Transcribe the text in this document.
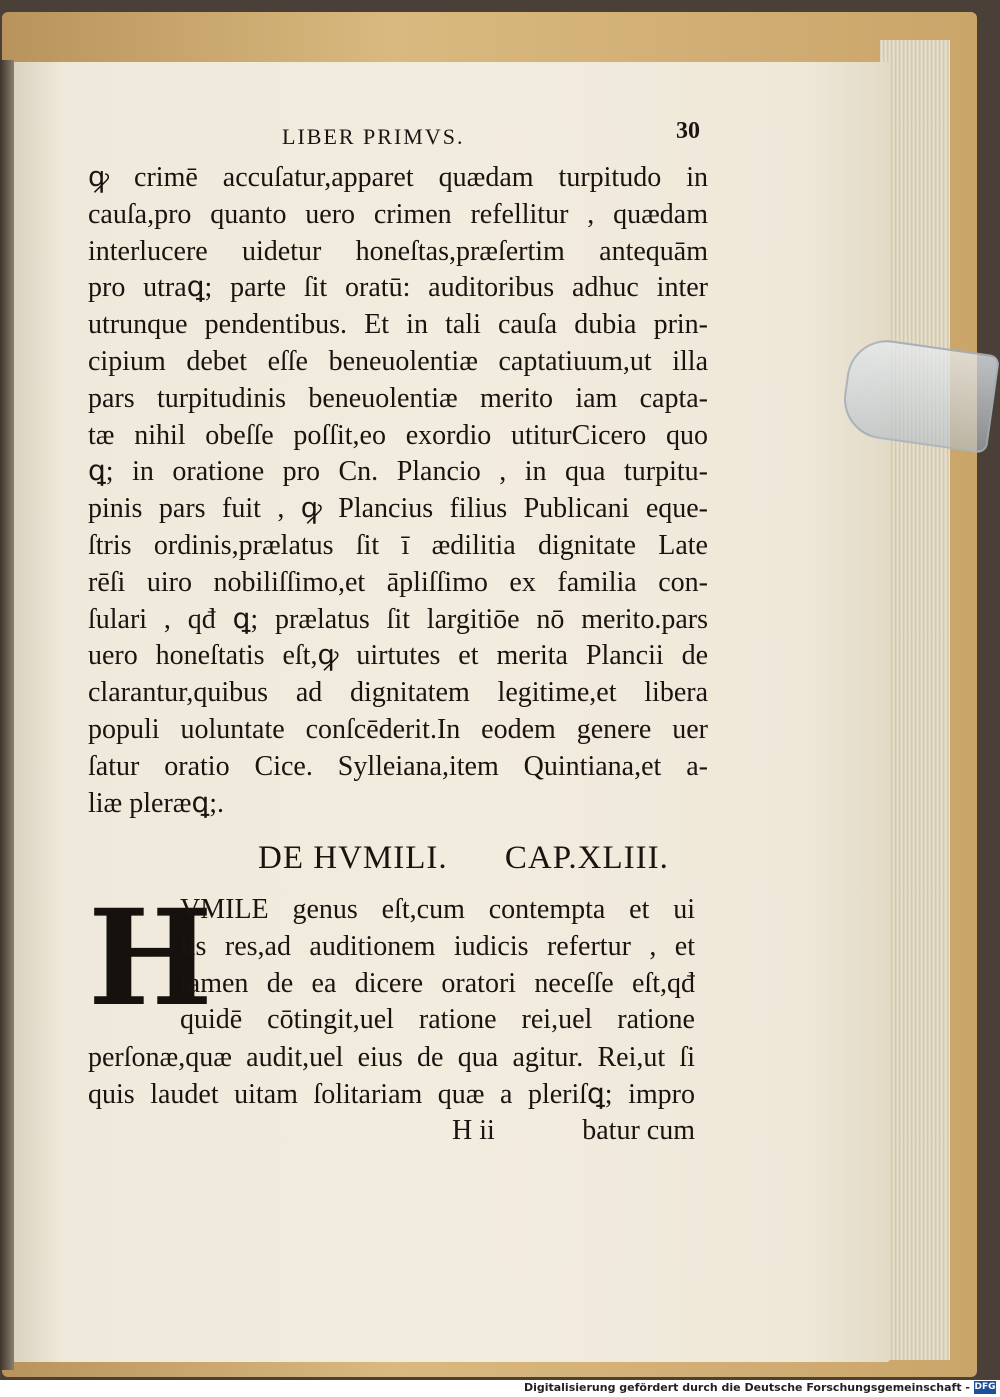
LIBER PRIMVS.	30
ꝙ crimē accuſatur,apparet quædam turpitudo in
cauſa,pro quanto uero crimen refellitur , quædam
interlucere uidetur honeſtas,præſertim antequām
pro utraꝗ; parte ſit oratū: auditoribus adhuc inter
utrunque pendentibus. Et in tali cauſa dubia prin-
cipium debet eſſe beneuolentiæ captatiuum,ut illa
pars turpitudinis beneuolentiæ merito iam capta-
tæ nihil obeſſe poſſit,eo exordio utiturCicero quo
ꝗ; in oratione pro Cn. Plancio , in qua turpitu-
pinis pars fuit , ꝙ Plancius filius Publicani eque-
ſtris ordinis,prælatus ſit ī ædilitia dignitate Late
rēſi uiro nobiliſſimo,et āpliſſimo ex familia con-
ſulari , qđ ꝗ; prælatus ſit largitiōe nō merito.pars
uero honeſtatis eſt,ꝙ uirtutes et merita Plancii de
clarantur,quibus ad dignitatem legitime,et libera
populi uoluntate conſcēderit.In eodem genere uer
ſatur oratio Cice. Sylleiana,item Quintiana,et a-
liæ pleræꝗ;.
DE HVMILI. CAP.XLIII.
H
VMILE genus eſt,cum contempta et ui
lis res,ad auditionem iudicis refertur , et
tamen de ea dicere oratori neceſſe eſt,qđ
quidē cōtingit,uel ratione rei,uel ratione
perſonæ,quæ audit,uel eius de qua agitur. Rei,ut ſi
quis laudet uitam ſolitariam quæ a pleriſꝗ; impro
H ii	batur cum
Digitalisierung gefördert durch die Deutsche Forschungsgemeinschaft - DFG
